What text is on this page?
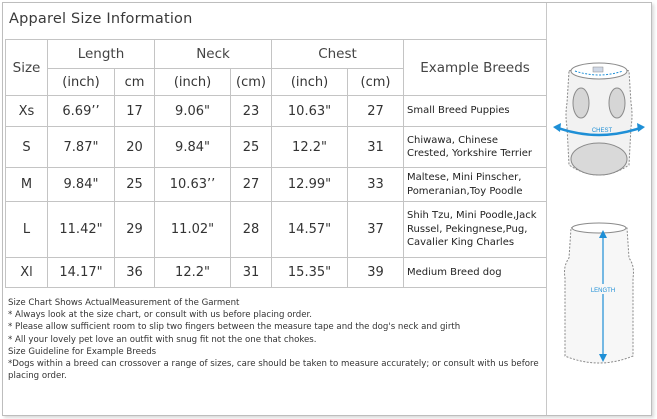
Apparel Size Information
Size	Length		Neck		Chest		Example Breeds
	(inch)	cm	(inch)	(cm)	(inch)	(cm)	
Xs	6.69’’	17	9.06"	23	10.63"	27	Small Breed Puppies

S	7.87"	20	9.84"	25	12.2"	31	Chiwawa, Chinese
Crested, Yorkshire Terrier

M	9.84"	25	10.63’’	27	12.99"	33	Maltese, Mini Pinscher,
Pomeranian,Toy Poodle

L	11.42"	29	11.02"	28	14.57"	37	Shih Tzu, Mini Poodle,Jack
Russel, Pekingnese,Pug,
Cavalier King Charles

Xl	14.17"	36	12.2"	31	15.35"	39	Medium Breed dog
Size Chart Shows ActualMeasurement of the Garment
* Always look at the size chart, or consult with us before placing order.
* Please allow sufficient room to slip two fingers between the measure tape and the dog's neck and girth
* All your lovely pet love an outfit with snug fit not the one that chokes.
Size Guideline for Example Breeds
*Dogs within a breed can crossover a range of sizes, care should be taken to measure accurately; or consult with us before placing order.
CHEST
LENGTH
